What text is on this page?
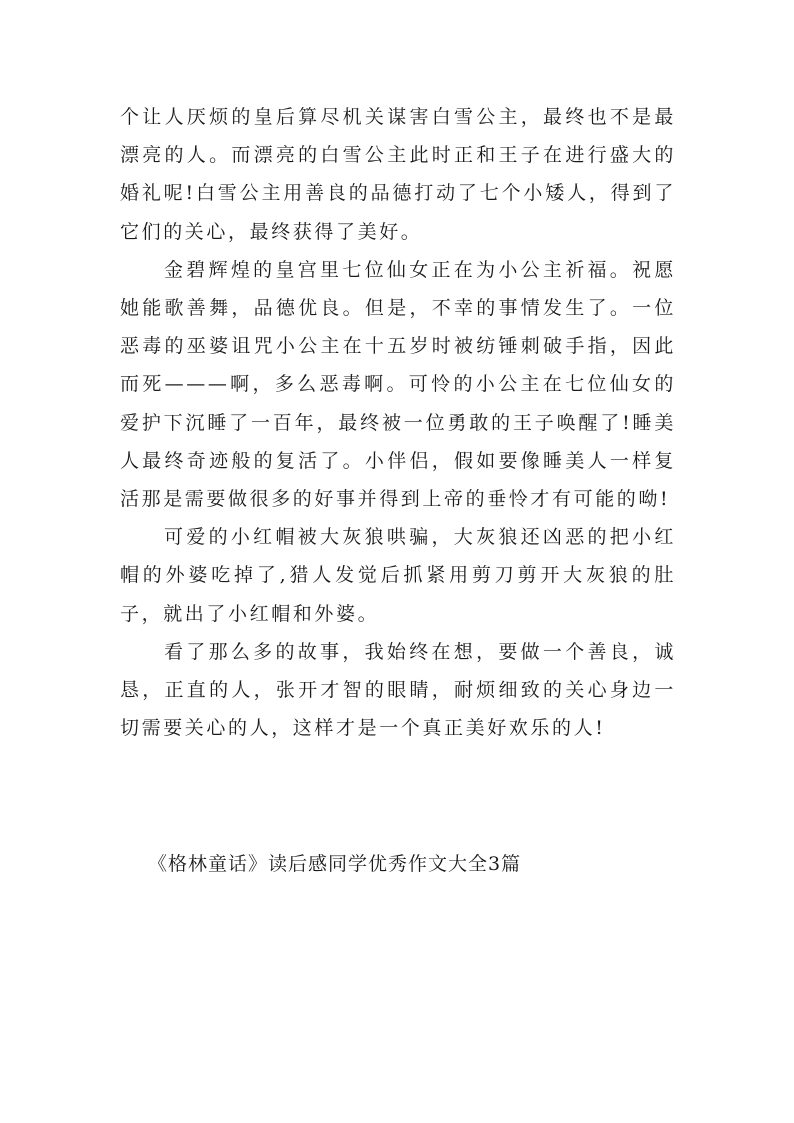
个让人厌烦的皇后算尽机关谋害白雪公主，最终也不是最漂亮的人。而漂亮的白雪公主此时正和王子在进行盛大的婚礼呢!白雪公主用善良的品德打动了七个小矮人，得到了它们的关心，最终获得了美好。

金碧辉煌的皇宫里七位仙女正在为小公主祈福。祝愿她能歌善舞，品德优良。但是，不幸的事情发生了。一位恶毒的巫婆诅咒小公主在十五岁时被纺锤刺破手指，因此而死———啊，多么恶毒啊。可怜的小公主在七位仙女的爱护下沉睡了一百年，最终被一位勇敢的王子唤醒了!睡美人最终奇迹般的复活了。小伴侣，假如要像睡美人一样复活那是需要做很多的好事并得到上帝的垂怜才有可能的呦!

可爱的小红帽被大灰狼哄骗，大灰狼还凶恶的把小红帽的外婆吃掉了,猎人发觉后抓紧用剪刀剪开大灰狼的肚子，就出了小红帽和外婆。

看了那么多的故事，我始终在想，要做一个善良，诚恳，正直的人，张开才智的眼睛，耐烦细致的关心身边一切需要关心的人，这样才是一个真正美好欢乐的人!

《格林童话》读后感同学优秀作文大全3篇
